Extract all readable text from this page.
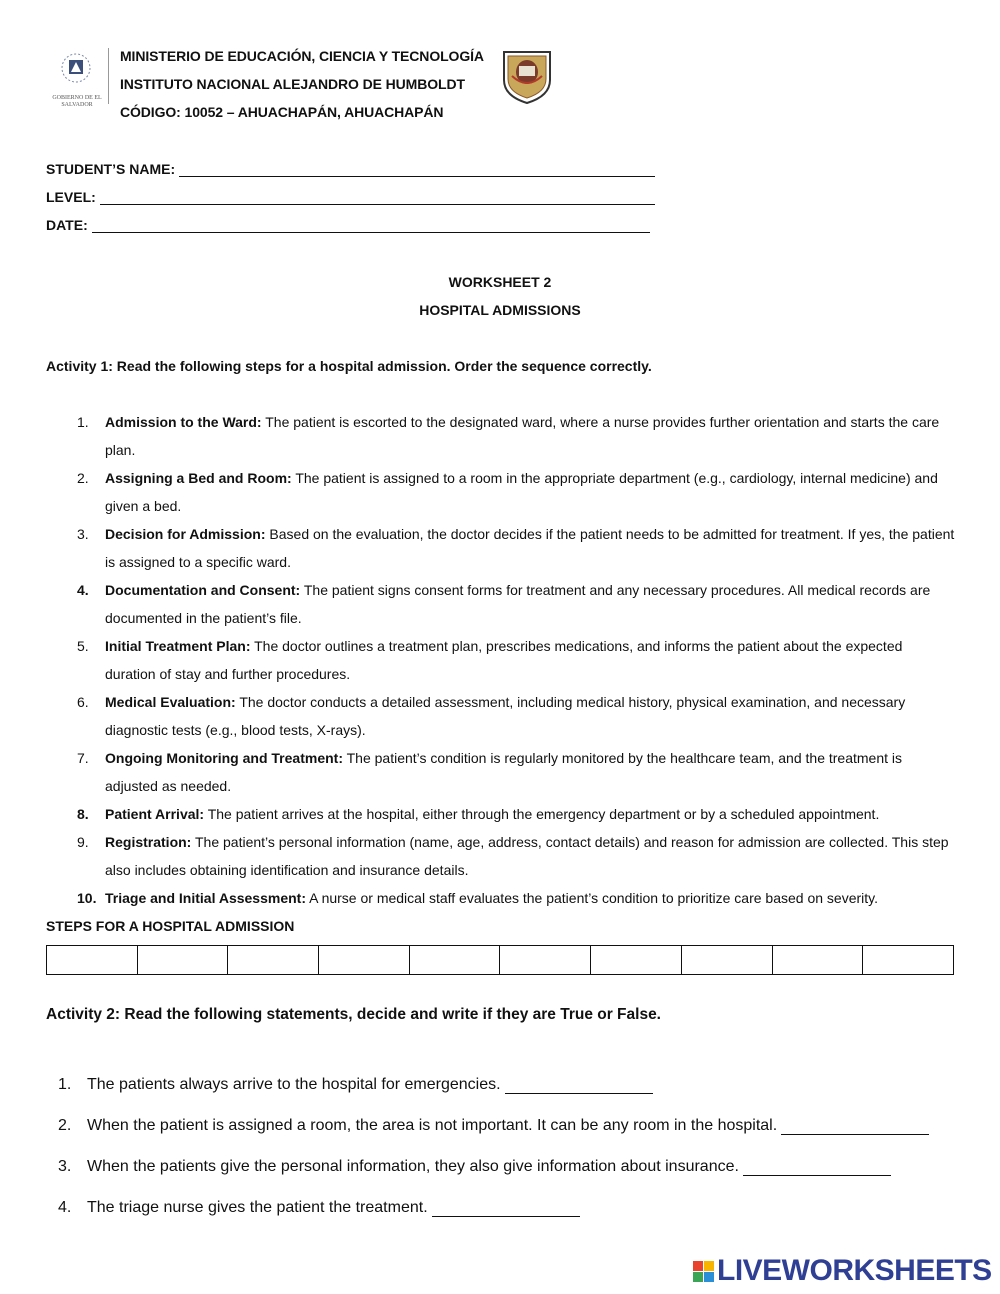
GOBIERNO DE EL SALVADOR
MINISTERIO DE EDUCACIÓN, CIENCIA Y TECNOLOGÍA
INSTITUTO NACIONAL ALEJANDRO DE HUMBOLDT
CÓDIGO: 10052 – AHUACHAPÁN, AHUACHAPÁN
STUDENT’S NAME:
LEVEL:
DATE:
WORKSHEET 2
HOSPITAL ADMISSIONS
Activity 1: Read the following steps for a hospital admission. Order the sequence correctly.
1.	Admission to the Ward: The patient is escorted to the designated ward, where a nurse provides further orientation and starts the care plan.
2.	Assigning a Bed and Room: The patient is assigned to a room in the appropriate department (e.g., cardiology, internal medicine) and given a bed.
3.	Decision for Admission: Based on the evaluation, the doctor decides if the patient needs to be admitted for treatment. If yes, the patient is assigned to a specific ward.
4.	Documentation and Consent: The patient signs consent forms for treatment and any necessary procedures. All medical records are documented in the patient’s file.
5.	Initial Treatment Plan: The doctor outlines a treatment plan, prescribes medications, and informs the patient about the expected duration of stay and further procedures.
6.	Medical Evaluation: The doctor conducts a detailed assessment, including medical history, physical examination, and necessary diagnostic tests (e.g., blood tests, X-rays).
7.	Ongoing Monitoring and Treatment: The patient’s condition is regularly monitored by the healthcare team, and the treatment is adjusted as needed.
8.	Patient Arrival: The patient arrives at the hospital, either through the emergency department or by a scheduled appointment.
9.	Registration: The patient’s personal information (name, age, address, contact details) and reason for admission are collected. This step also includes obtaining identification and insurance details.
10. Triage and Initial Assessment: A nurse or medical staff evaluates the patient’s condition to prioritize care based on severity.
STEPS FOR A HOSPITAL ADMISSION

Activity 2: Read the following statements, decide and write if they are True or False.
1. The patients always arrive to the hospital for emergencies.
2. When the patient is assigned a room, the area is not important. It can be any room in the hospital.
3. When the patients give the personal information, they also give information about insurance.
4. The triage nurse gives the patient the treatment.
LIVEWORKSHEETS
